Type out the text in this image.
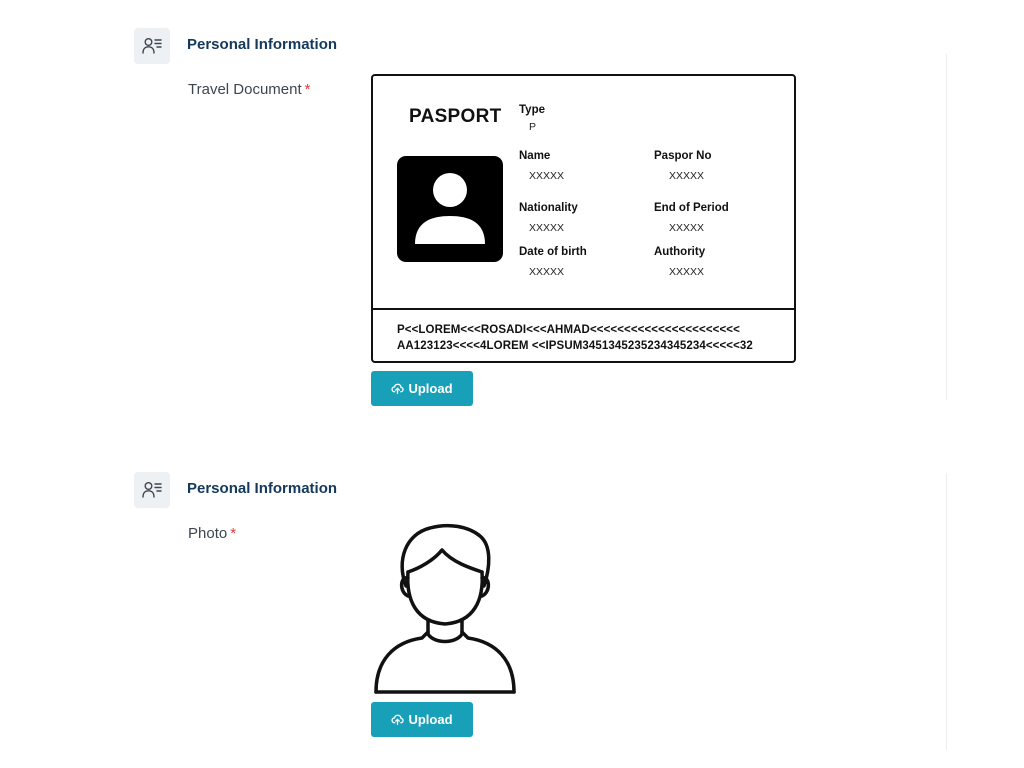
Personal Information
Travel Document *
PASPORT Type
P
Name
XXXXX
Paspor No
XXXXX
Nationality
XXXXX
End of Period
XXXXX
Date of birth
XXXXX
Authority
XXXXX
P<<LOREM<<<ROSADI<<<AHMAD<<<<<<<<<<<<<<<<<<<<<<
AA123123<<<<4LOREM <<IPSUM3451345235234345234<<<<<32
Upload
Personal Information
Photo *
Upload
